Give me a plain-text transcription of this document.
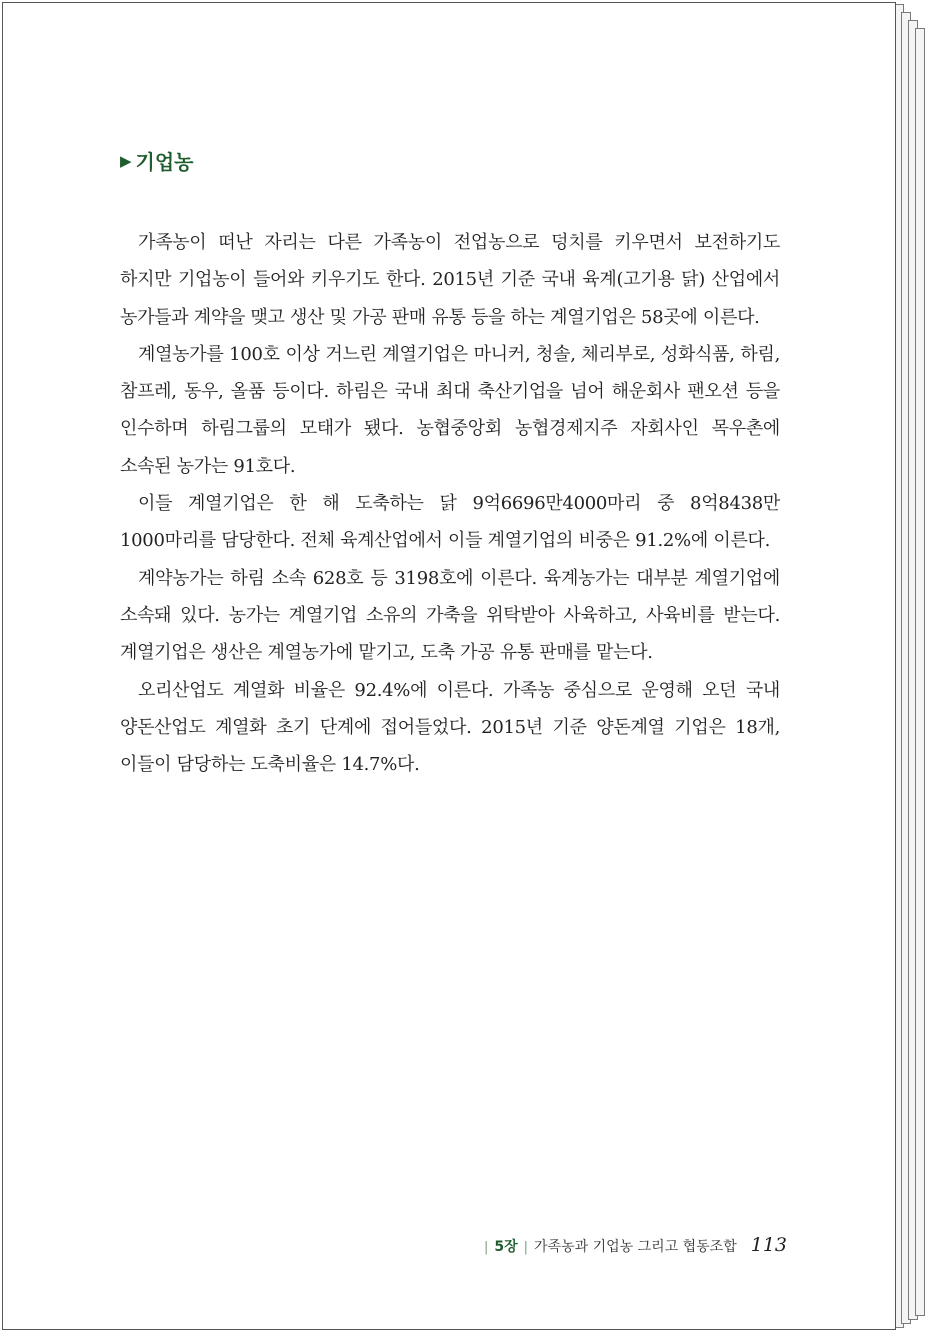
▶ 기업농

가족농이 떠난 자리는 다른 가족농이 전업농으로 덩치를 키우면서 보전하기도 하지만 기업농이 들어와 키우기도 한다. 2015년 기준 국내 육계(고기용 닭) 산업에서 농가들과 계약을 맺고 생산 및 가공 판매 유통 등을 하는 계열기업은 58곳에 이른다.

계열농가를 100호 이상 거느린 계열기업은 마니커, 청솔, 체리부로, 성화식품, 하림, 참프레, 동우, 올품 등이다. 하림은 국내 최대 축산기업을 넘어 해운회사 팬오션 등을 인수하며 하림그룹의 모태가 됐다. 농협중앙회 농협경제지주 자회사인 목우촌에 소속된 농가는 91호다.

이들 계열기업은 한 해 도축하는 닭 9억6696만4000마리 중 8억8438만 1000마리를 담당한다. 전체 육계산업에서 이들 계열기업의 비중은 91.2%에 이른다.

계약농가는 하림 소속 628호 등 3198호에 이른다. 육계농가는 대부분 계열기업에 소속돼 있다. 농가는 계열기업 소유의 가축을 위탁받아 사육하고, 사육비를 받는다. 계열기업은 생산은 계열농가에 맡기고, 도축 가공 유통 판매를 맡는다.

오리산업도 계열화 비율은 92.4%에 이른다. 가족농 중심으로 운영해 오던 국내 양돈산업도 계열화 초기 단계에 접어들었다. 2015년 기준 양돈계열 기업은 18개, 이들이 담당하는 도축비율은 14.7%다.

| 5장 | 가족농과 기업농 그리고 협동조합 113
